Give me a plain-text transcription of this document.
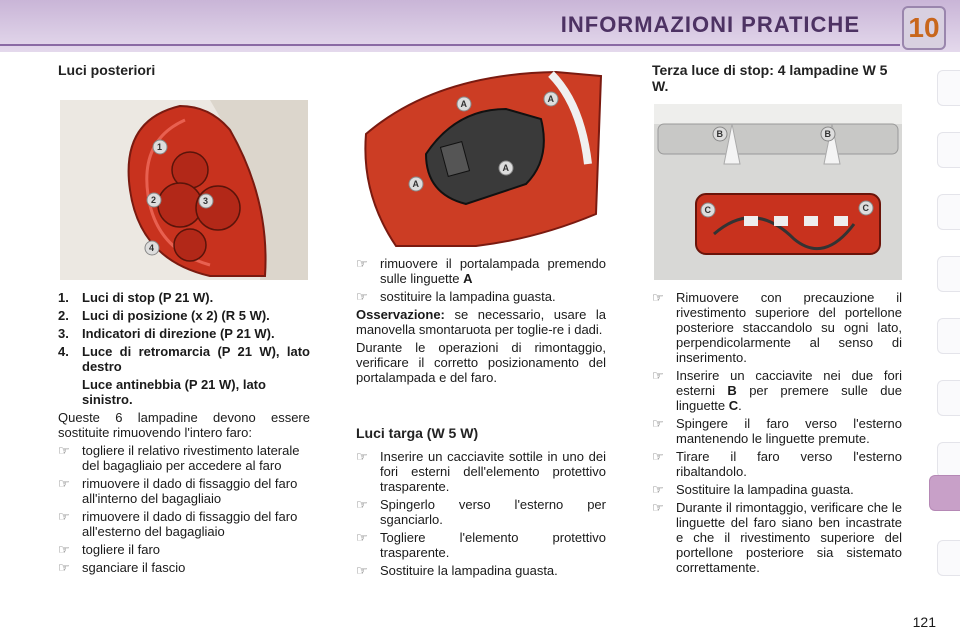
INFORMAZIONI PRATICHE 10
Luci posteriori
1
2	3
4
1.	Luci di stop (P 21 W).
2.	Luci di posizione (x 2) (R 5 W).
3.	Indicatori di direzione (P 21 W).
4.	Luce di retromarcia (P 21 W), lato destro
Luce antinebbia (P 21 W), lato sinistro.

Queste 6 lampadine devono essere sostituite rimuovendo l'intero faro:

☞ togliere il relativo rivestimento laterale del bagagliaio per accedere al faro
☞ rimuovere il dado di fissaggio del faro all'interno del bagagliaio
☞ rimuovere il dado di fissaggio del faro all'esterno del bagagliaio
☞ togliere il faro
☞ sganciare il fascio
A	A
A
A
☞ rimuovere il portalampada premendo sulle linguette A
☞ sostituire la lampadina guasta.

Osservazione: se necessario, usare la manovella smontaruota per toglie-re i dadi.

Durante le operazioni di rimontaggio, verificare il corretto posizionamento del portalampada e del faro.

Luci targa (W 5 W)
☞ Inserire un cacciavite sottile in uno dei fori esterni dell'elemento protettivo trasparente.
☞ Spingerlo verso l'esterno per sganciarlo.
☞ Togliere l'elemento protettivo trasparente.
☞ Sostituire la lampadina guasta.
Terza luce di stop: 4 lampadine W 5 W.
B	B
C	C
☞ Rimuovere con precauzione il rivestimento superiore del portellone posteriore staccandolo su ogni lato, perpendicolarmente al senso di inserimento.
☞ Inserire un cacciavite nei due fori esterni B per premere sulle due linguette C.
☞ Spingere il faro verso l'esterno mantenendo le linguette premute.
☞ Tirare il faro verso l'esterno ribaltandolo.
☞ Sostituire la lampadina guasta.
☞ Durante il rimontaggio, verificare che le linguette del faro siano ben incastrate e che il rivestimento superiore del portellone posteriore sia sistemato correttamente.
121
